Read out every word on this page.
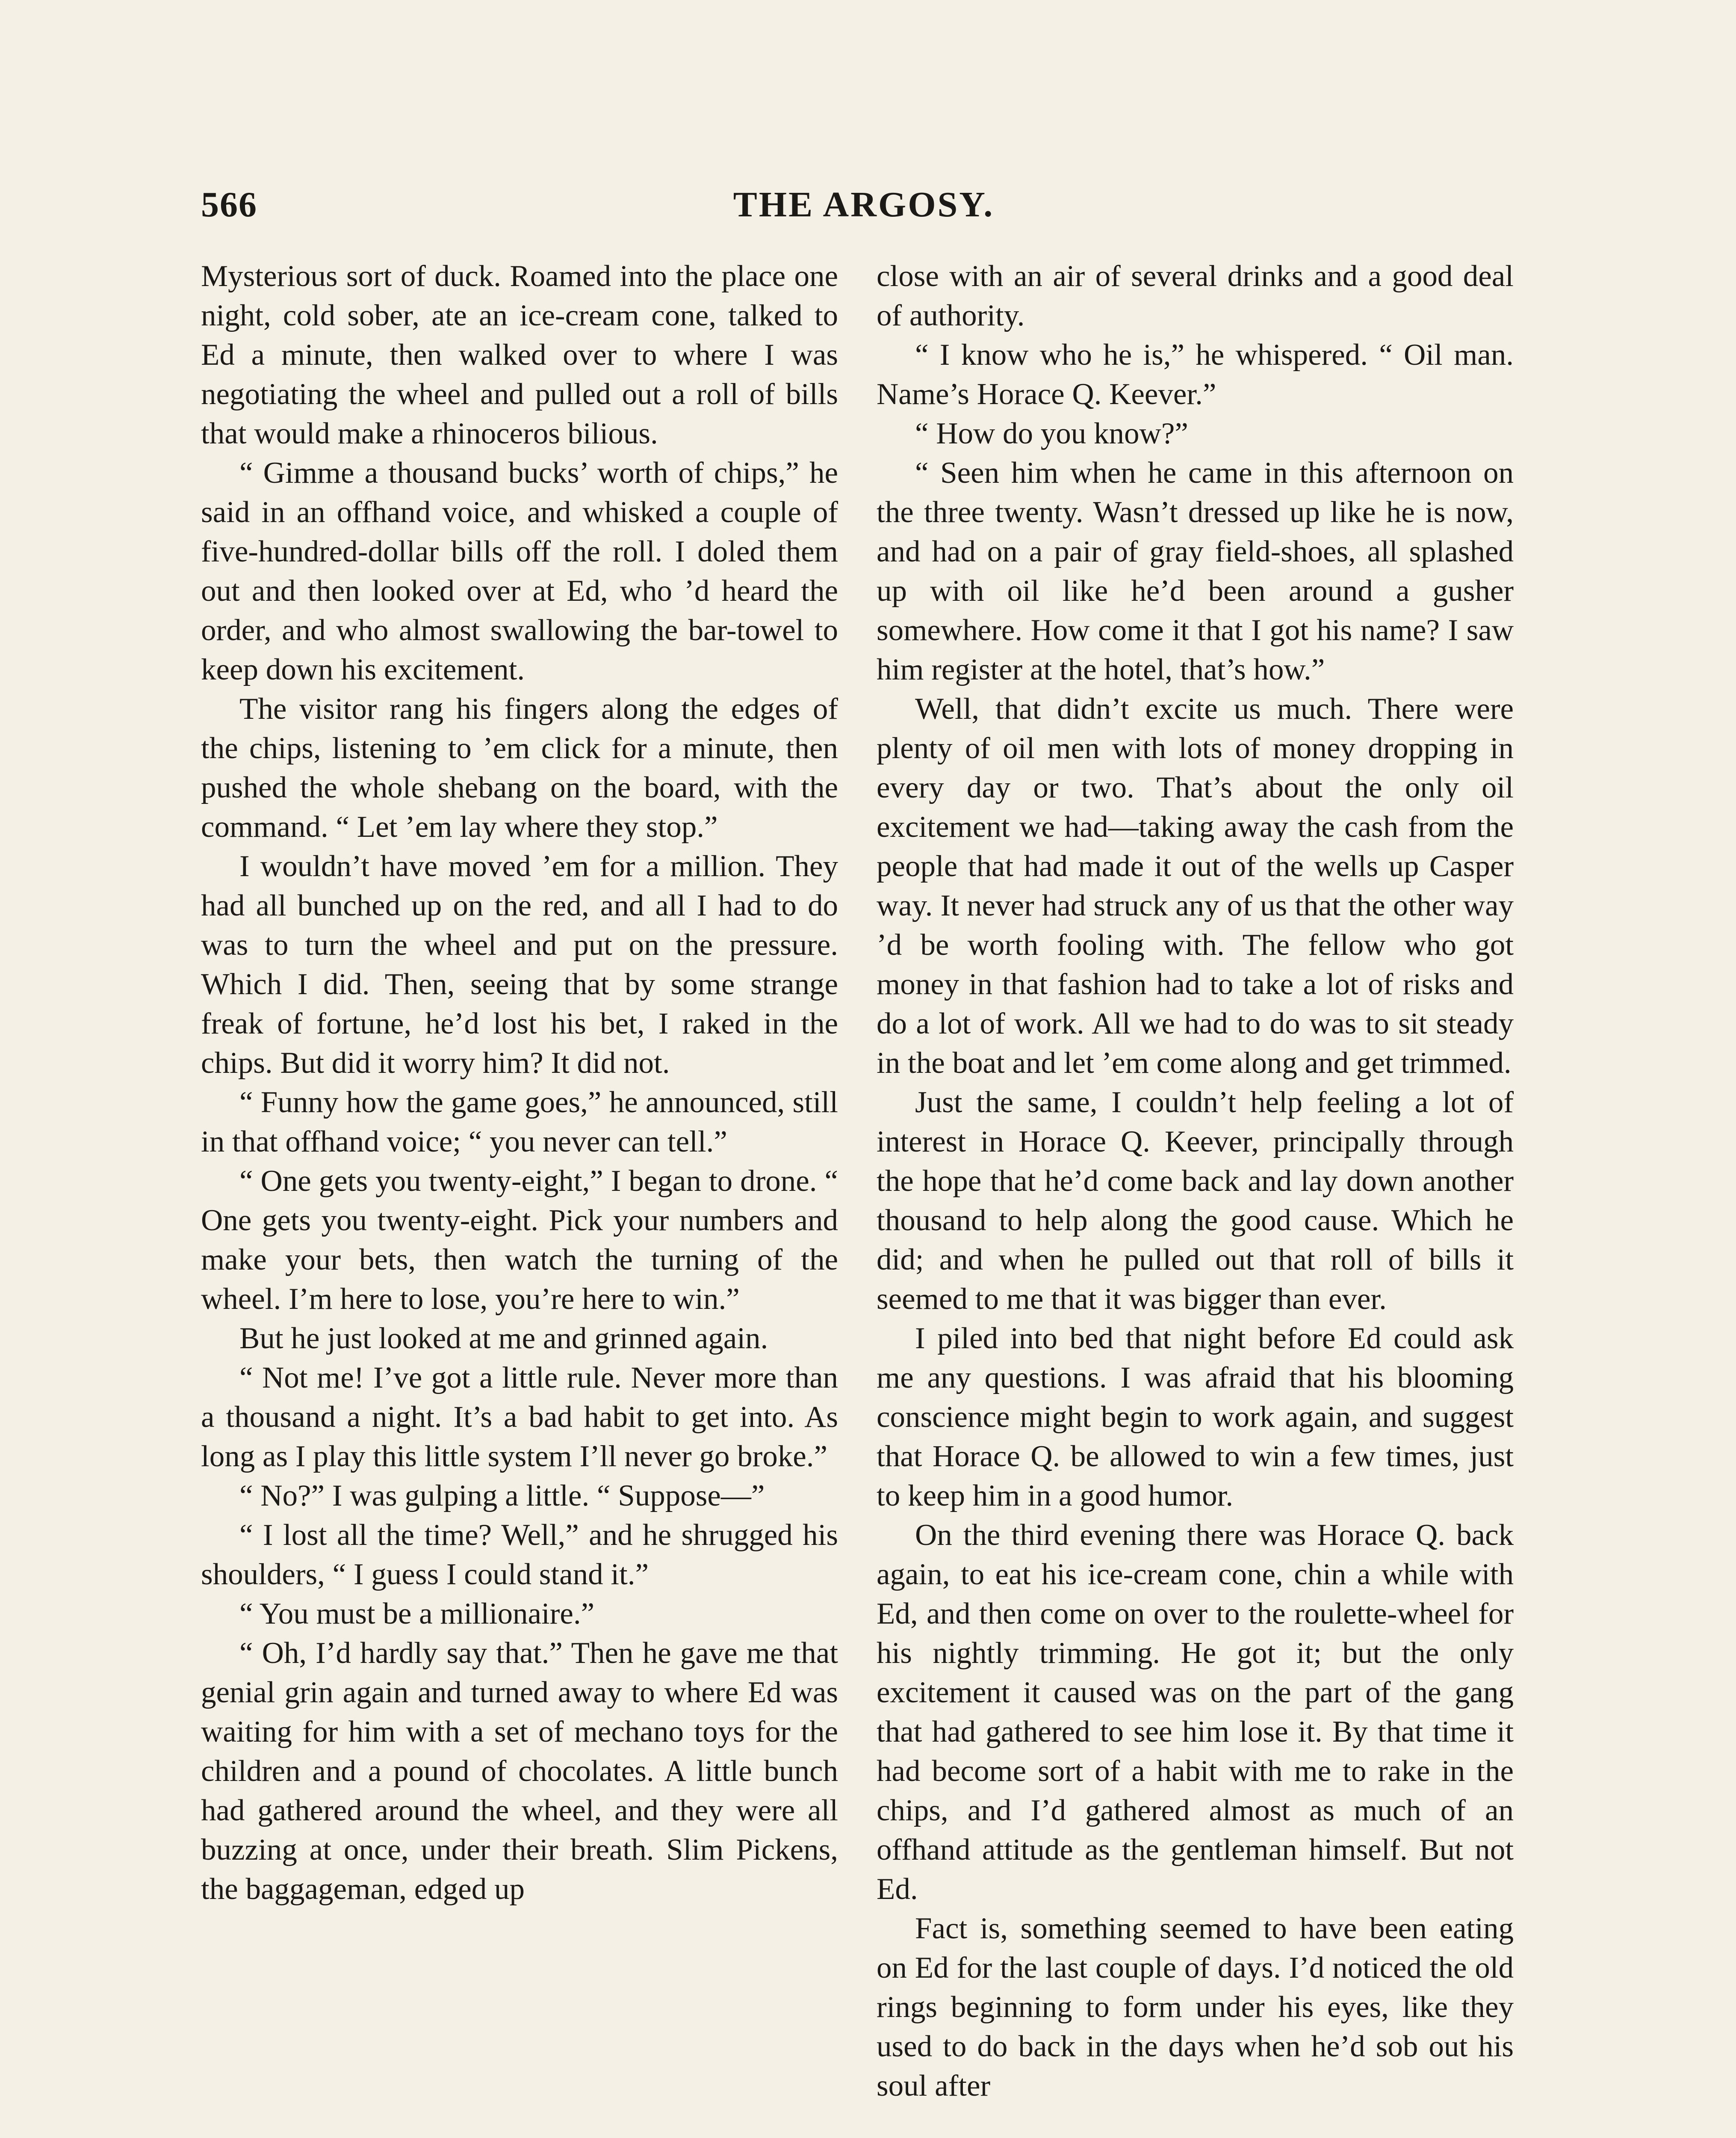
566	THE ARGOSY.

Mysterious sort of duck. Roamed into the place one night, cold sober, ate an ice-cream cone, talked to Ed a minute, then walked over to where I was negotiating the wheel and pulled out a roll of bills that would make a rhinoceros bilious.

“ Gimme a thousand bucks’ worth of chips,” he said in an offhand voice, and whisked a couple of five-hundred-dollar bills off the roll. I doled them out and then looked over at Ed, who ’d heard the order, and who almost swallowing the bar-towel to keep down his excitement.

The visitor rang his fingers along the edges of the chips, listening to ’em click for a minute, then pushed the whole shebang on the board, with the command. “ Let ’em lay where they stop.”

I wouldn’t have moved ’em for a million. They had all bunched up on the red, and all I had to do was to turn the wheel and put on the pressure. Which I did. Then, seeing that by some strange freak of fortune, he’d lost his bet, I raked in the chips. But did it worry him? It did not.

“ Funny how the game goes,” he announced, still in that offhand voice; “ you never can tell.”

“ One gets you twenty-eight,” I began to drone. “ One gets you twenty-eight. Pick your numbers and make your bets, then watch the turning of the wheel. I’m here to lose, you’re here to win.”

But he just looked at me and grinned again.

“ Not me! I’ve got a little rule. Never more than a thousand a night. It’s a bad habit to get into. As long as I play this little system I’ll never go broke.”

“ No?” I was gulping a little. “ Suppose—”

“ I lost all the time? Well,” and he shrugged his shoulders, “ I guess I could stand it.”

“ You must be a millionaire.”

“ Oh, I’d hardly say that.” Then he gave me that genial grin again and turned away to where Ed was waiting for him with a set of mechano toys for the children and a pound of chocolates. A little bunch had gathered around the wheel, and they were all buzzing at once, under their breath. Slim Pickens, the baggageman, edged up

close with an air of several drinks and a good deal of authority.

“ I know who he is,” he whispered. “ Oil man. Name’s Horace Q. Keever.”

“ How do you know?”

“ Seen him when he came in this afternoon on the three twenty. Wasn’t dressed up like he is now, and had on a pair of gray field-shoes, all splashed up with oil like he’d been around a gusher somewhere. How come it that I got his name? I saw him register at the hotel, that’s how.”

Well, that didn’t excite us much. There were plenty of oil men with lots of money dropping in every day or two. That’s about the only oil excitement we had—taking away the cash from the people that had made it out of the wells up Casper way. It never had struck any of us that the other way ’d be worth fooling with. The fellow who got money in that fashion had to take a lot of risks and do a lot of work. All we had to do was to sit steady in the boat and let ’em come along and get trimmed.

Just the same, I couldn’t help feeling a lot of interest in Horace Q. Keever, principally through the hope that he’d come back and lay down another thousand to help along the good cause. Which he did; and when he pulled out that roll of bills it seemed to me that it was bigger than ever.

I piled into bed that night before Ed could ask me any questions. I was afraid that his blooming conscience might begin to work again, and suggest that Horace Q. be allowed to win a few times, just to keep him in a good humor.

On the third evening there was Horace Q. back again, to eat his ice-cream cone, chin a while with Ed, and then come on over to the roulette-wheel for his nightly trimming. He got it; but the only excitement it caused was on the part of the gang that had gathered to see him lose it. By that time it had become sort of a habit with me to rake in the chips, and I’d gathered almost as much of an offhand attitude as the gentleman himself. But not Ed.

Fact is, something seemed to have been eating on Ed for the last couple of days. I’d noticed the old rings beginning to form under his eyes, like they used to do back in the days when he’d sob out his soul after
